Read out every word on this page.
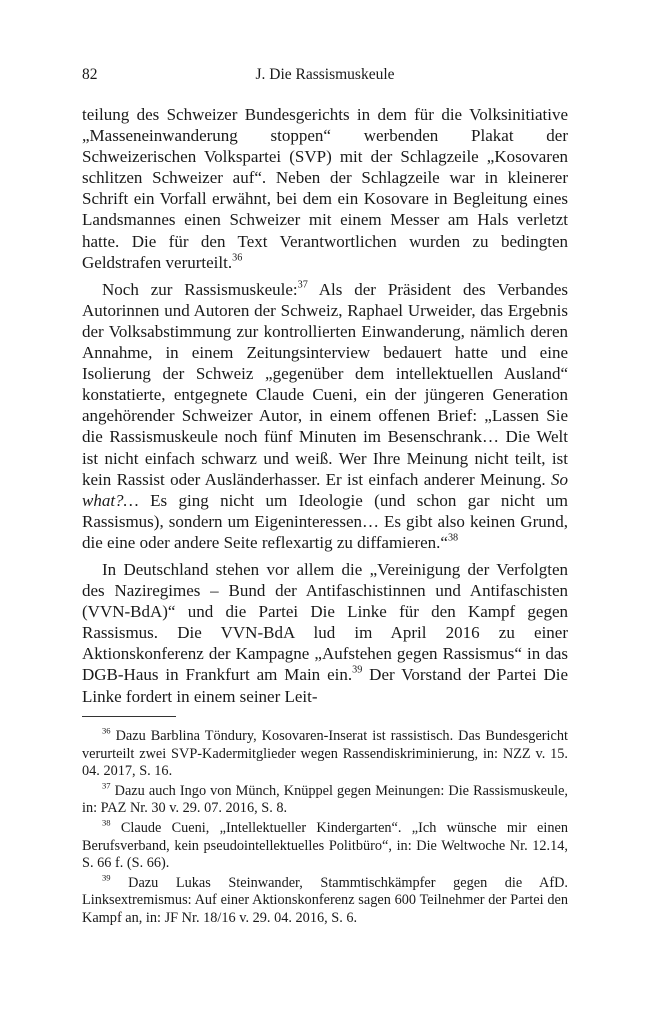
82	J. Die Rassismuskeule

teilung des Schweizer Bundesgerichts in dem für die Volksinitiative „Masseneinwanderung stoppen“ werbenden Plakat der Schweizerischen Volkspartei (SVP) mit der Schlagzeile „Kosovaren schlitzen Schweizer auf“. Neben der Schlagzeile war in kleinerer Schrift ein Vorfall erwähnt, bei dem ein Kosovare in Begleitung eines Landsmannes einen Schweizer mit einem Messer am Hals verletzt hatte. Die für den Text Verantwortlichen wurden zu bedingten Geldstrafen verurteilt.$^{36}$

Noch zur Rassismuskeule:$^{37}$ Als der Präsident des Verbandes Autorinnen und Autoren der Schweiz, Raphael Urweider, das Ergebnis der Volksabstimmung zur kontrollierten Einwanderung, nämlich deren Annahme, in einem Zeitungsinterview bedauert hatte und eine Isolierung der Schweiz „gegenüber dem intellektuellen Ausland“ konstatierte, entgegnete Claude Cueni, ein der jüngeren Generation angehörender Schweizer Autor, in einem offenen Brief: „Lassen Sie die Rassismuskeule noch fünf Minuten im Besenschrank… Die Welt ist nicht einfach schwarz und weiß. Wer Ihre Meinung nicht teilt, ist kein Rassist oder Ausländerhasser. Er ist einfach anderer Meinung. So what?… Es ging nicht um Ideologie (und schon gar nicht um Rassismus), sondern um Eigeninteressen… Es gibt also keinen Grund, die eine oder andere Seite reflexartig zu diffamieren.“$^{38}$

In Deutschland stehen vor allem die „Vereinigung der Verfolgten des Naziregimes – Bund der Antifaschistinnen und Antifaschisten (VVN-BdA)“ und die Partei Die Linke für den Kampf gegen Rassismus. Die VVN-BdA lud im April 2016 zu einer Aktionskonferenz der Kampagne „Aufstehen gegen Rassismus“ in das DGB-Haus in Frankfurt am Main ein.$^{39}$ Der Vorstand der Partei Die Linke fordert in einem seiner Leit-

$^{36}$ Dazu Barblina Töndury, Kosovaren-Inserat ist rassistisch. Das Bundesgericht verurteilt zwei SVP-Kadermitglieder wegen Rassendiskriminierung, in: NZZ v. 15. 04. 2017, S. 16.

$^{37}$ Dazu auch Ingo von Münch, Knüppel gegen Meinungen: Die Rassismuskeule, in: PAZ Nr. 30 v. 29. 07. 2016, S. 8.

$^{38}$ Claude Cueni, „Intellektueller Kindergarten“. „Ich wünsche mir einen Berufsverband, kein pseudointellektuelles Politbüro“, in: Die Weltwoche Nr. 12.14, S. 66 f. (S. 66).

$^{39}$ Dazu Lukas Steinwander, Stammtischkämpfer gegen die AfD. Linksextremismus: Auf einer Aktionskonferenz sagen 600 Teilnehmer der Partei den Kampf an, in: JF Nr. 18/16 v. 29. 04. 2016, S. 6.
